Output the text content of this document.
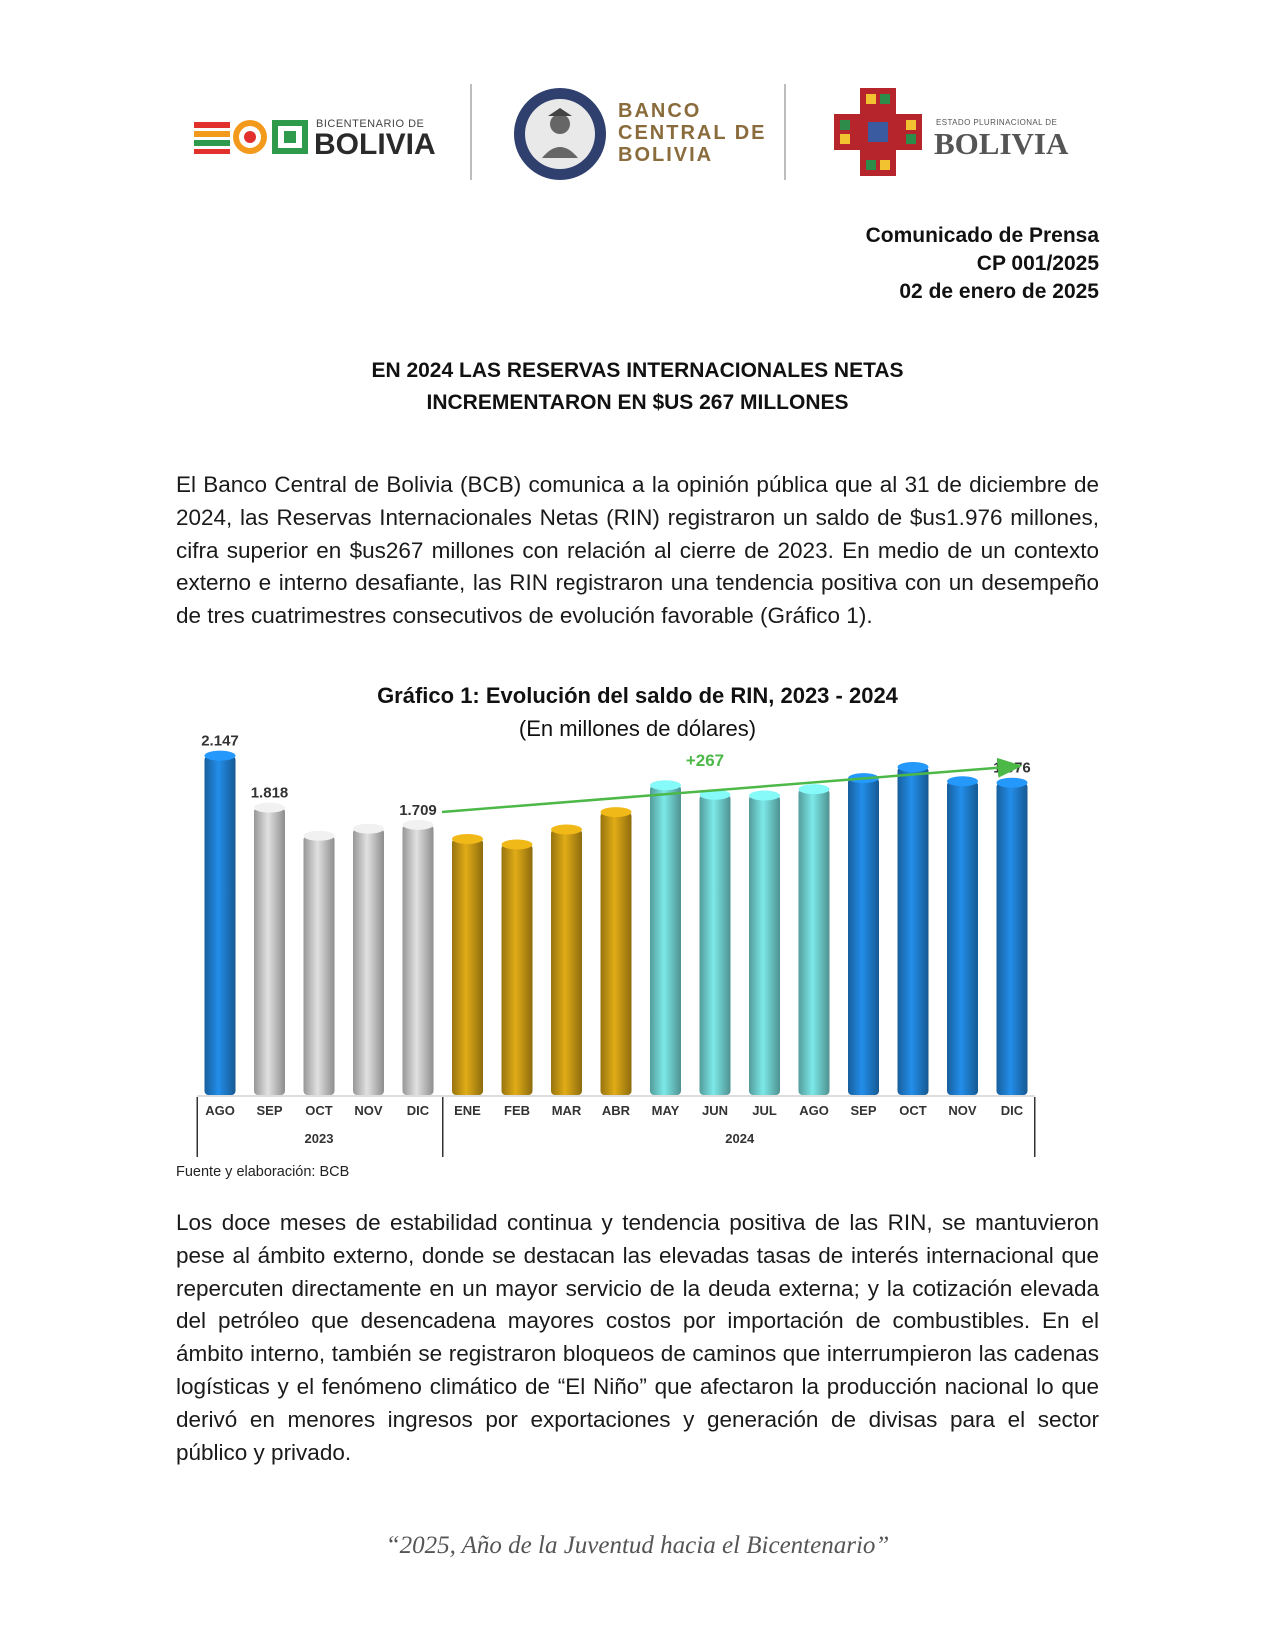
BICENTENARIO DE
BOLIVIA
BANCO
CENTRAL DE
BOLIVIA
ESTADO PLURINACIONAL DE
BOLIVIA
Comunicado de Prensa
CP 001/2025
02 de enero de 2025
EN 2024 LAS RESERVAS INTERNACIONALES NETAS
INCREMENTARON EN $US 267 MILLONES

El Banco Central de Bolivia (BCB) comunica a la opinión pública que al 31 de diciembre de 2024, las Reservas Internacionales Netas (RIN) registraron un saldo de $us1.976 millones, cifra superior en $us267 millones con relación al cierre de 2023. En medio de un contexto externo e interno desafiante, las RIN registraron una tendencia positiva con un desempeño de tres cuatrimestres consecutivos de evolución favorable (Gráfico 1).

Gráfico 1: Evolución del saldo de RIN, 2023 - 2024
(En millones de dólares)
2.147
1.818
1.709
1.976
+267
AGO SEP OCT NOV DIC ENE FEB MAR ABR MAY JUN JUL AGO SEP OCT NOV DIC
2023	2024
Fuente y elaboración: BCB

Los doce meses de estabilidad continua y tendencia positiva de las RIN, se mantuvieron pese al ámbito externo, donde se destacan las elevadas tasas de interés internacional que repercuten directamente en un mayor servicio de la deuda externa; y la cotización elevada del petróleo que desencadena mayores costos por importación de combustibles. En el ámbito interno, también se registraron bloqueos de caminos que interrumpieron las cadenas logísticas y el fenómeno climático de “El Niño” que afectaron la producción nacional lo que derivó en menores ingresos por exportaciones y generación de divisas para el sector público y privado.

“2025, Año de la Juventud hacia el Bicentenario”
